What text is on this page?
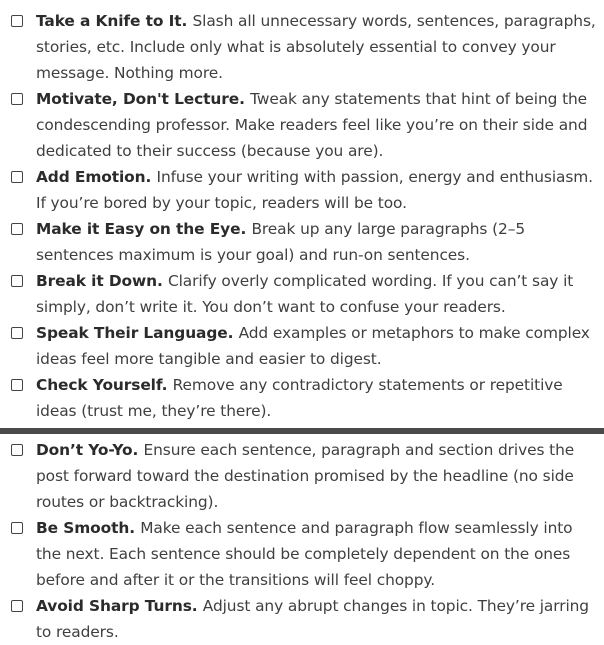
Take a Knife to It. Slash all unnecessary words, sentences, paragraphs, stories, etc. Include only what is absolutely essential to convey your message. Nothing more.
Motivate, Don't Lecture. Tweak any statements that hint of being the condescending professor. Make readers feel like you’re on their side and dedicated to their success (because you are).
Add Emotion. Infuse your writing with passion, energy and enthusiasm. If you’re bored by your topic, readers will be too.
Make it Easy on the Eye. Break up any large paragraphs (2–5 sentences maximum is your goal) and run-on sentences.
Break it Down. Clarify overly complicated wording. If you can’t say it simply, don’t write it. You don’t want to confuse your readers.
Speak Their Language. Add examples or metaphors to make complex ideas feel more tangible and easier to digest.
Check Yourself. Remove any contradictory statements or repetitive ideas (trust me, they’re there).
Don’t Yo-Yo. Ensure each sentence, paragraph and section drives the post forward toward the destination promised by the headline (no side routes or backtracking).
Be Smooth. Make each sentence and paragraph flow seamlessly into the next. Each sentence should be completely dependent on the ones before and after it or the transitions will feel choppy.
Avoid Sharp Turns. Adjust any abrupt changes in topic. They’re jarring to readers.
